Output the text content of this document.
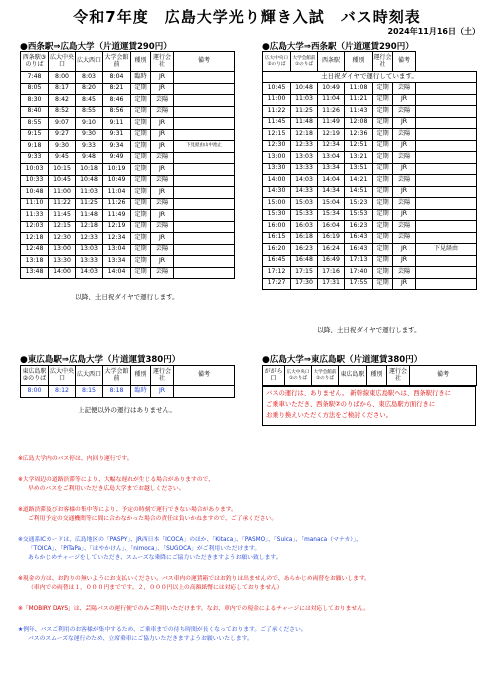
令和7年度　広島大学光り輝き入試　バス時刻表
2024年11月16日（土）
●西条駅⇒広島大学（片道運賃290円）
西条駅③のりば	広大中央口	広大西口	大学会館前	種別	運行会社	備考
7:48	8:00	8:03	8:04	臨時	JR	
8:05	8:17	8:20	8:21	定期	JR	
8:30	8:42	8:45	8:46	定期	芸陽	
8:40	8:52	8:55	8:56	定期	芸陽	
8:55	9:07	9:10	9:11	定期	JR	
9:15	9:27	9:30	9:31	定期	JR	
9:18	9:30	9:33	9:34	定期	JR	下見経由山中池止
9:33	9:45	9:48	9:49	定期	芸陽	
10:03	10:15	10:18	10:19	定期	JR	
10:33	10:45	10:48	10:49	定期	芸陽	
10:48	11:00	11:03	11:04	定期	JR	
11:10	11:22	11:25	11:26	定期	芸陽	
11:33	11:45	11:48	11:49	定期	JR	
12:03	12:15	12:18	12:19	定期	芸陽	
12:18	12:30	12:33	12:34	定期	JR	
12:48	13:00	13:03	13:04	定期	芸陽	
13:18	13:30	13:33	13:34	定期	JR	
13:48	14:00	14:03	14:04	定期	芸陽	
以降、土日祝ダイヤで運行します。
●広島大学⇒西条駅（片道運賃290円）
広大中央口②のりば	大学会館前①のりば	西条駅	種別	運行会社	備考	
土日祝ダイヤで運行しています。						
10:45	10:48	10:49	11:08	定期	芸陽	
11:00	11:03	11:04	11:21	定期	JR	
11:22	11:25	11:26	11:43	定期	芸陽	
11:45	11:48	11:49	12:08	定期	JR	
12:15	12:18	12:19	12:36	定期	芸陽	
12:30	12:33	12:34	12:51	定期	JR	
13:00	13:03	13:04	13:21	定期	芸陽	
13:30	13:33	13:34	13:51	定期	JR	
14:00	14:03	14:04	14:21	定期	芸陽	
14:30	14:33	14:34	14:51	定期	JR	
15:00	15:03	15:04	15:23	定期	芸陽	
15:30	15:33	15:34	15:53	定期	JR	
16:00	16:03	16:04	16:23	定期	芸陽	
16:15	16:18	16:19	16:43	定期	芸陽	
16:20	16:23	16:24	16:43	定期	JR	下見経由
16:45	16:48	16:49	17:13	定期	JR	
17:12	17:15	17:16	17:40	定期	芸陽	
17:27	17:30	17:31	17:55	定期	JR	
以降、土日祝ダイヤで運行します。
●東広島駅⇒広島大学（片道運賃380円）
東広島駅②のりば	広大中央口	広大西口	大学会館前	種別	運行会社	備考
8:00	8:12	8:15	8:18	臨時	JR	
上記便以外の運行はありません。
●広島大学⇒東広島駅（片道運賃380円）
ががら口	広大中央口①のりば	大学会館前①のりば	東広島駅	種別	運行会社	備考
バスの運行は、ありません。 新幹線東広島駅へは、西条駅行きに
ご乗車いただき、西条駅②のりばから、東広島駅方面行きに
お乗り換えいただく方法をご検討ください。

※広島大学内のバス停は、内回り運行です。

※大学周辺の道路渋滞等により、大幅な遅れが生じる場合がありますので、
早めのバスをご利用いただき広島大学までお越しください。

※道路渋滞及びお客様の集中等により、予定の時刻で運行できない場合があります。
ご利用予定の交通機関等に間に合わなかった場合の責任は負いかねますので、ご了承ください。

※交通系ICカードは、広島地区の「PASPY」、JR西日本「ICOCA」のほか、「Kitaca」、「PASMO」、「Suica」、「manaca（マナカ）」、
「TOICA」、「PiTaPa」、「はやかけん」、「nimoca」、「SUGOCA」がご利用いただけます。
あらかじめチャージをしていただき、スムーズな乗降にご協力いただきますようお願い致します。

※現金の方は、お釣りの無いようにお支払いください。バス車内の運賃箱ではお釣りは出ませんので、あらかじめ両替をお願いします。
（車内での両替は１，０００円までです。２，０００円以上の高額紙幣には対応しておりません）

※「MOBIRY DAYS」は、芸陽バスの運行便でのみご利用いただけます。なお、車内での現金によるチャージには対応しておりません。

★例年、バスご利用のお客様が集中するため、ご乗車までの待ち時間が長くなっております。ご了承ください。
バスのスムーズな運行のため、立席乗車にご協力いただきますようお願いいたします。
